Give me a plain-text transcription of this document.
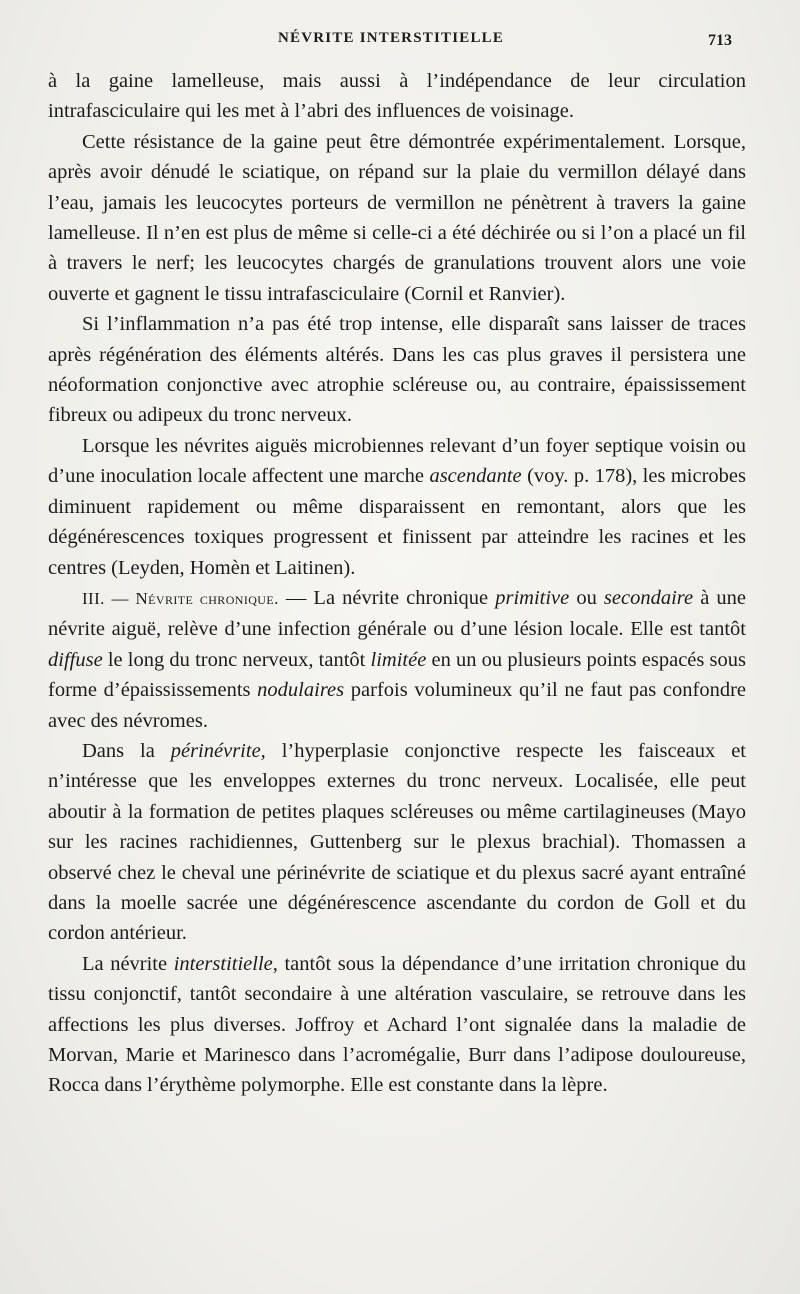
NÉVRITE INTERSTITIELLE	713

à la gaine lamelleuse, mais aussi à l’indépendance de leur circulation intrafasciculaire qui les met à l’abri des influences de voisinage.

Cette résistance de la gaine peut être démontrée expérimentalement. Lorsque, après avoir dénudé le sciatique, on répand sur la plaie du vermillon délayé dans l’eau, jamais les leucocytes porteurs de vermillon ne pénètrent à travers la gaine lamelleuse. Il n’en est plus de même si celle-ci a été déchirée ou si l’on a placé un fil à travers le nerf; les leucocytes chargés de granulations trouvent alors une voie ouverte et gagnent le tissu intrafasciculaire (Cornil et Ranvier).

Si l’inflammation n’a pas été trop intense, elle disparaît sans laisser de traces après régénération des éléments altérés. Dans les cas plus graves il persistera une néoformation conjonctive avec atrophie scléreuse ou, au contraire, épaississement fibreux ou adipeux du tronc nerveux.

Lorsque les névrites aiguës microbiennes relevant d’un foyer septique voisin ou d’une inoculation locale affectent une marche ascendante (voy. p. 178), les microbes diminuent rapidement ou même disparaissent en remontant, alors que les dégénérescences toxiques progressent et finissent par atteindre les racines et les centres (Leyden, Homèn et Laitinen).

III. — Névrite chronique. — La névrite chronique primitive ou secondaire à une névrite aiguë, relève d’une infection générale ou d’une lésion locale. Elle est tantôt diffuse le long du tronc nerveux, tantôt limitée en un ou plusieurs points espacés sous forme d’épaississements nodulaires parfois volumineux qu’il ne faut pas confondre avec des névromes.

Dans la périnévrite, l’hyperplasie conjonctive respecte les faisceaux et n’intéresse que les enveloppes externes du tronc nerveux. Localisée, elle peut aboutir à la formation de petites plaques scléreuses ou même cartilagineuses (Mayo sur les racines rachidiennes, Guttenberg sur le plexus brachial). Thomassen a observé chez le cheval une périnévrite de sciatique et du plexus sacré ayant entraîné dans la moelle sacrée une dégénérescence ascendante du cordon de Goll et du cordon antérieur.

La névrite interstitielle, tantôt sous la dépendance d’une irritation chronique du tissu conjonctif, tantôt secondaire à une altération vasculaire, se retrouve dans les affections les plus diverses. Joffroy et Achard l’ont signalée dans la maladie de Morvan, Marie et Marinesco dans l’acromégalie, Burr dans l’adipose douloureuse, Rocca dans l’érythème polymorphe. Elle est constante dans la lèpre.
